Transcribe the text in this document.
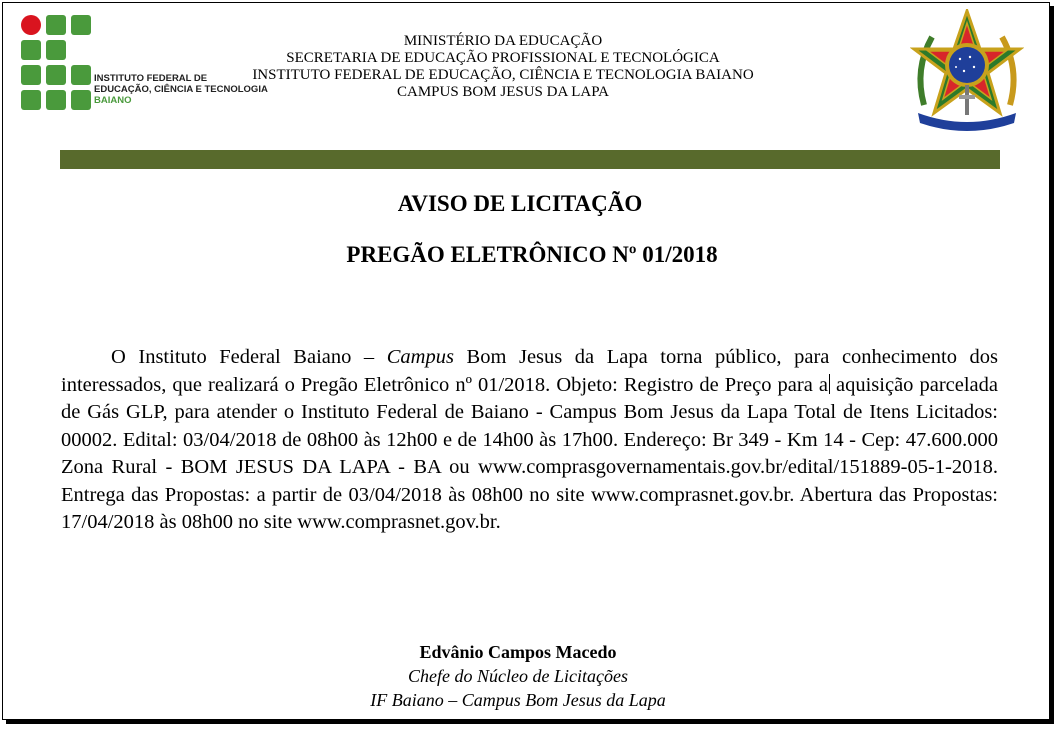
INSTITUTO FEDERAL DE
EDUCAÇÃO, CIÊNCIA E TECNOLOGIA
BAIANO
MINISTÉRIO DA EDUCAÇÃO
SECRETARIA DE EDUCAÇÃO PROFISSIONAL E TECNOLÓGICA
INSTITUTO FEDERAL DE EDUCAÇÃO, CIÊNCIA E TECNOLOGIA BAIANO
CAMPUS BOM JESUS DA LAPA
AVISO DE LICITAÇÃO
PREGÃO ELETRÔNICO Nº 01/2018
O Instituto Federal Baiano – Campus Bom Jesus da Lapa torna público, para conhecimento dos interessados, que realizará o Pregão Eletrônico nº 01/2018. Objeto: Registro de Preço para a aquisição parcelada de Gás GLP, para atender o Instituto Federal de Baiano - Campus Bom Jesus da Lapa Total de Itens Licitados: 00002. Edital: 03/04/2018 de 08h00 às 12h00 e de 14h00 às 17h00. Endereço: Br 349 - Km 14 - Cep: 47.600.000 Zona Rural - BOM JESUS DA LAPA - BA ou www.comprasgovernamentais.gov.br/edital/151889-05-1-2018. Entrega das Propostas: a partir de 03/04/2018 às 08h00 no site www.comprasnet.gov.br. Abertura das Propostas: 17/04/2018 às 08h00 no site www.comprasnet.gov.br.
Edvânio Campos Macedo
Chefe do Núcleo de Licitações
IF Baiano – Campus Bom Jesus da Lapa
